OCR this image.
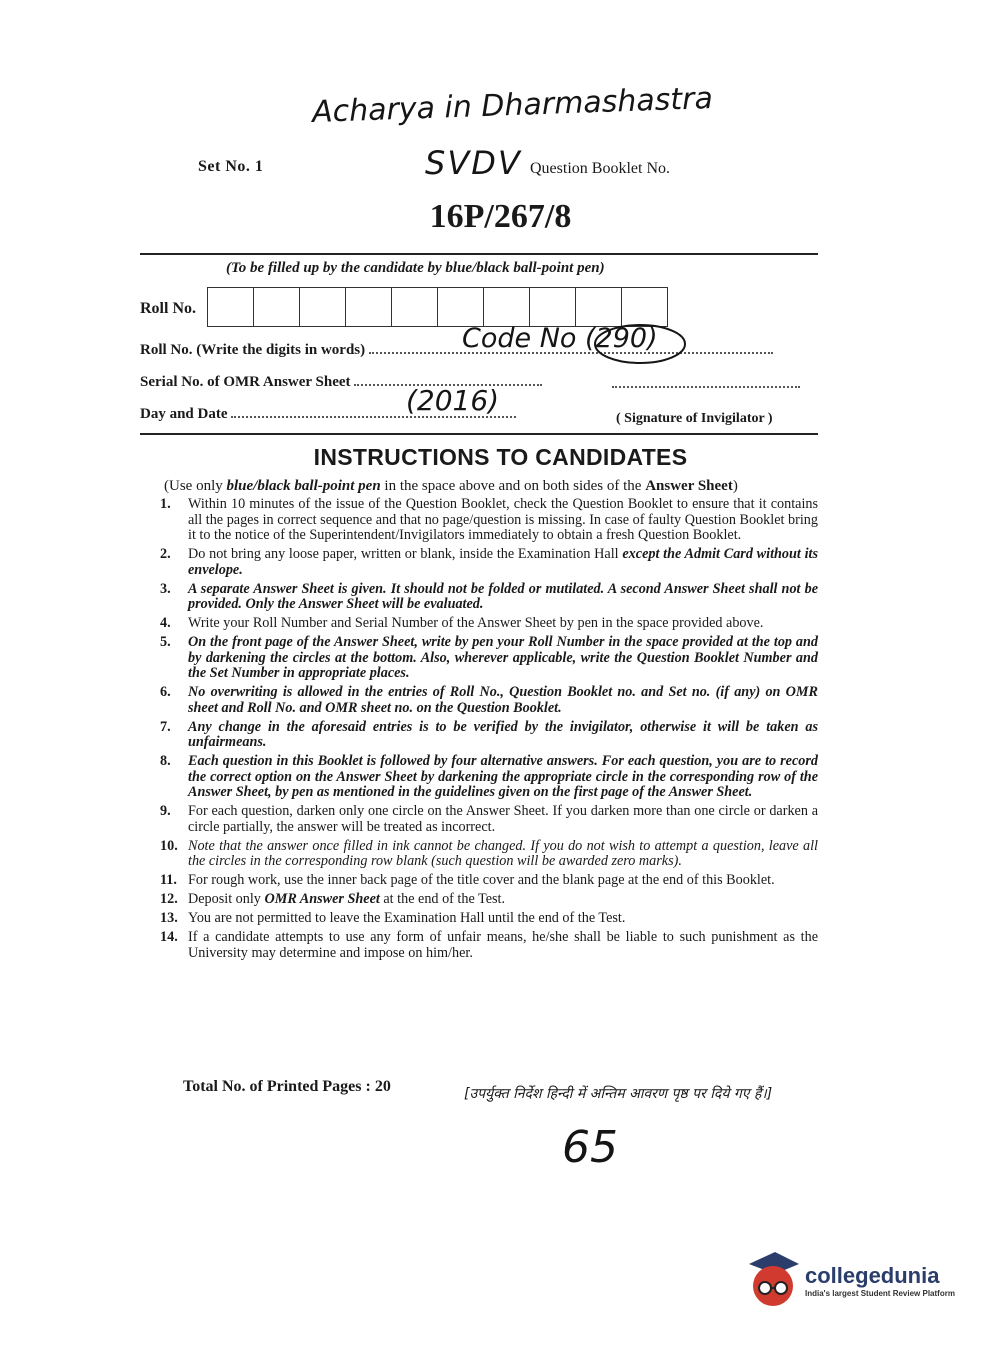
Acharya in Dharmashastra
Set No. 1	SVDV Question Booklet No.
16P/267/8
(To be filled up by the candidate by blue/black ball-point pen)
Roll No.
Roll No. (Write the digits in words)	Code No (290)
Serial No. of OMR Answer Sheet
(2016)
Day and Date	( Signature of Invigilator )
INSTRUCTIONS TO CANDIDATES
(Use only blue/black ball-point pen in the space above and on both sides of the Answer Sheet)
1.	Within 10 minutes of the issue of the Question Booklet, check the Question Booklet to ensure that it contains all the pages in correct sequence and that no page/question is missing. In case of faulty Question Booklet bring it to the notice of the Superintendent/Invigilators immediately to obtain a fresh Question Booklet.
2.	Do not bring any loose paper, written or blank, inside the Examination Hall except the Admit Card without its envelope.
3.	A separate Answer Sheet is given. It should not be folded or mutilated. A second Answer Sheet shall not be provided. Only the Answer Sheet will be evaluated.
4.	Write your Roll Number and Serial Number of the Answer Sheet by pen in the space provided above.
5.	On the front page of the Answer Sheet, write by pen your Roll Number in the space provided at the top and by darkening the circles at the bottom. Also, wherever applicable, write the Question Booklet Number and the Set Number in appropriate places.
6.	No overwriting is allowed in the entries of Roll No., Question Booklet no. and Set no. (if any) on OMR sheet and Roll No. and OMR sheet no. on the Question Booklet.
7.	Any change in the aforesaid entries is to be verified by the invigilator, otherwise it will be taken as unfairmeans.
8.	Each question in this Booklet is followed by four alternative answers. For each question, you are to record the correct option on the Answer Sheet by darkening the appropriate circle in the corresponding row of the Answer Sheet, by pen as mentioned in the guidelines given on the first page of the Answer Sheet.
9.	For each question, darken only one circle on the Answer Sheet. If you darken more than one circle or darken a circle partially, the answer will be treated as incorrect.
10. Note that the answer once filled in ink cannot be changed. If you do not wish to attempt a question, leave all the circles in the corresponding row blank (such question will be awarded zero marks).
11. For rough work, use the inner back page of the title cover and the blank page at the end of this Booklet.
12. Deposit only OMR Answer Sheet at the end of the Test.
13. You are not permitted to leave the Examination Hall until the end of the Test.
14. If a candidate attempts to use any form of unfair means, he/she shall be liable to such punishment as the University may determine and impose on him/her.
Total No. of Printed Pages : 20	[उपर्युक्त निर्देश हिन्दी में अन्तिम आवरण पृष्ठ पर दिये गए हैं।]
65
collegedunia
India's largest Student Review Platform
